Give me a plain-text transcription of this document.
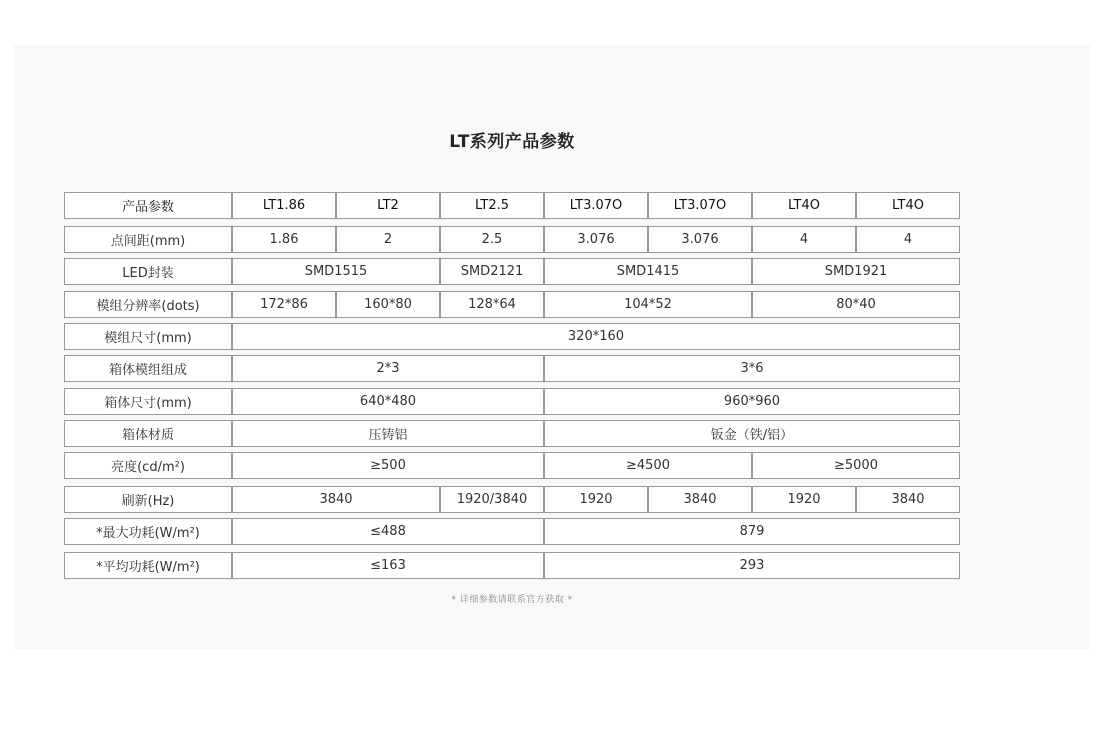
LT系列产品参数
产品参数	LT1.86	LT2	LT2.5	LT3.07O	LT3.07O	LT4O	LT4O
点间距(mm)	1.86	2	2.5	3.076	3.076	4	4
LED封装	SMD1515	SMD2121	SMD1415	SMD1921
模组分辨率(dots)	172*86	160*80	128*64	104*52	80*40
模组尺寸(mm)	320*160
箱体模组组成	2*3	3*6
箱体尺寸(mm)	640*480	960*960
箱体材质	压铸铝	钣金（铁/铝）
亮度(cd/m²)	≥500	≥4500	≥5000
刷新(Hz)	3840	1920/3840	1920	3840	1920	3840
*最大功耗(W/m²)	≤488	879
*平均功耗(W/m²)	≤163	293
* 详细参数请联系官方获取 *
